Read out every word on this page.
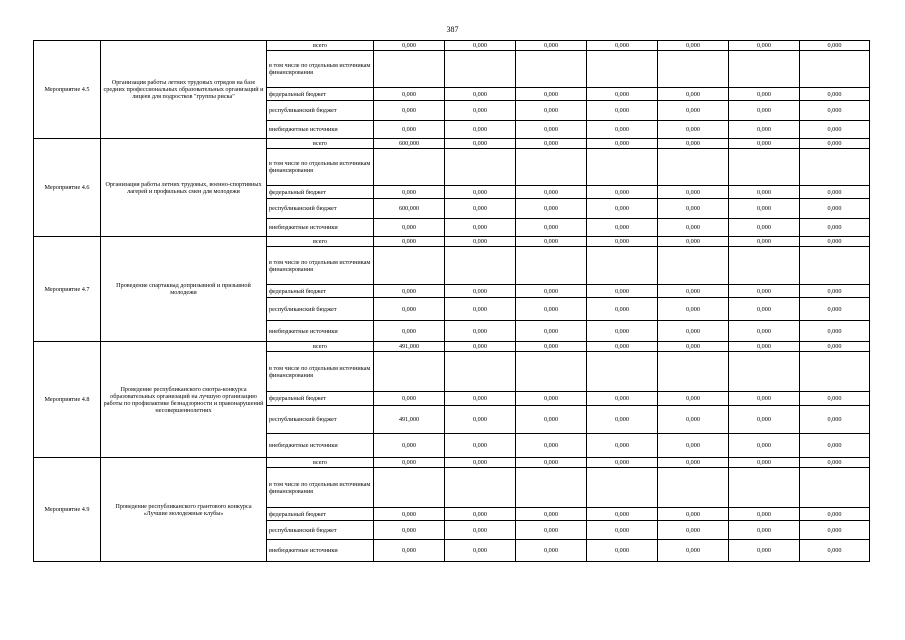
387
Мероприятие 4.5	Организация работы летних трудовых отрядов на базе средних профессиональных образовательных организаций и лицеев для подростков "группы риска"	всего	0,000	0,000	0,000	0,000	0,000	0,000	0,000
		в том числе по отдельным источникам финансирования							
		федеральный бюджет	0,000	0,000	0,000	0,000	0,000	0,000	0,000
		республиканский бюджет	0,000	0,000	0,000	0,000	0,000	0,000	0,000
		внебюджетные источники	0,000	0,000	0,000	0,000	0,000	0,000	0,000
Мероприятие 4.6	Организация работы летних трудовых, военно-спортивных лагерей и профильных смен для молодежи	всего	600,000	0,000	0,000	0,000	0,000	0,000	0,000
		в том числе по отдельным источникам финансирования							
		федеральный бюджет	0,000	0,000	0,000	0,000	0,000	0,000	0,000
		республиканский бюджет	600,000	0,000	0,000	0,000	0,000	0,000	0,000
		внебюджетные источники	0,000	0,000	0,000	0,000	0,000	0,000	0,000
Мероприятие 4.7	Проведение спартакиад допризывной и призывной молодежи	всего	0,000	0,000	0,000	0,000	0,000	0,000	0,000
		в том числе по отдельным источникам финансирования							
		федеральный бюджет	0,000	0,000	0,000	0,000	0,000	0,000	0,000
		республиканский бюджет	0,000	0,000	0,000	0,000	0,000	0,000	0,000
		внебюджетные источники	0,000	0,000	0,000	0,000	0,000	0,000	0,000
Мероприятие 4.8	Проведение республиканского смотра-конкурса образовательных организаций на лучшую организацию работы по профилактике безнадзорности и правонарушений несовершеннолетних	всего	491,000	0,000	0,000	0,000	0,000	0,000	0,000
		в том числе по отдельным источникам финансирования							
		федеральный бюджет	0,000	0,000	0,000	0,000	0,000	0,000	0,000
		республиканский бюджет	491,000	0,000	0,000	0,000	0,000	0,000	0,000
		внебюджетные источники	0,000	0,000	0,000	0,000	0,000	0,000	0,000
Мероприятие 4.9	Проведение республиканского грантового конкурса «Лучшие молодежные клубы»	всего	0,000	0,000	0,000	0,000	0,000	0,000	0,000
		в том числе по отдельным источникам финансирования							
		федеральный бюджет	0,000	0,000	0,000	0,000	0,000	0,000	0,000
		республиканский бюджет	0,000	0,000	0,000	0,000	0,000	0,000	0,000
		внебюджетные источники	0,000	0,000	0,000	0,000	0,000	0,000	0,000
